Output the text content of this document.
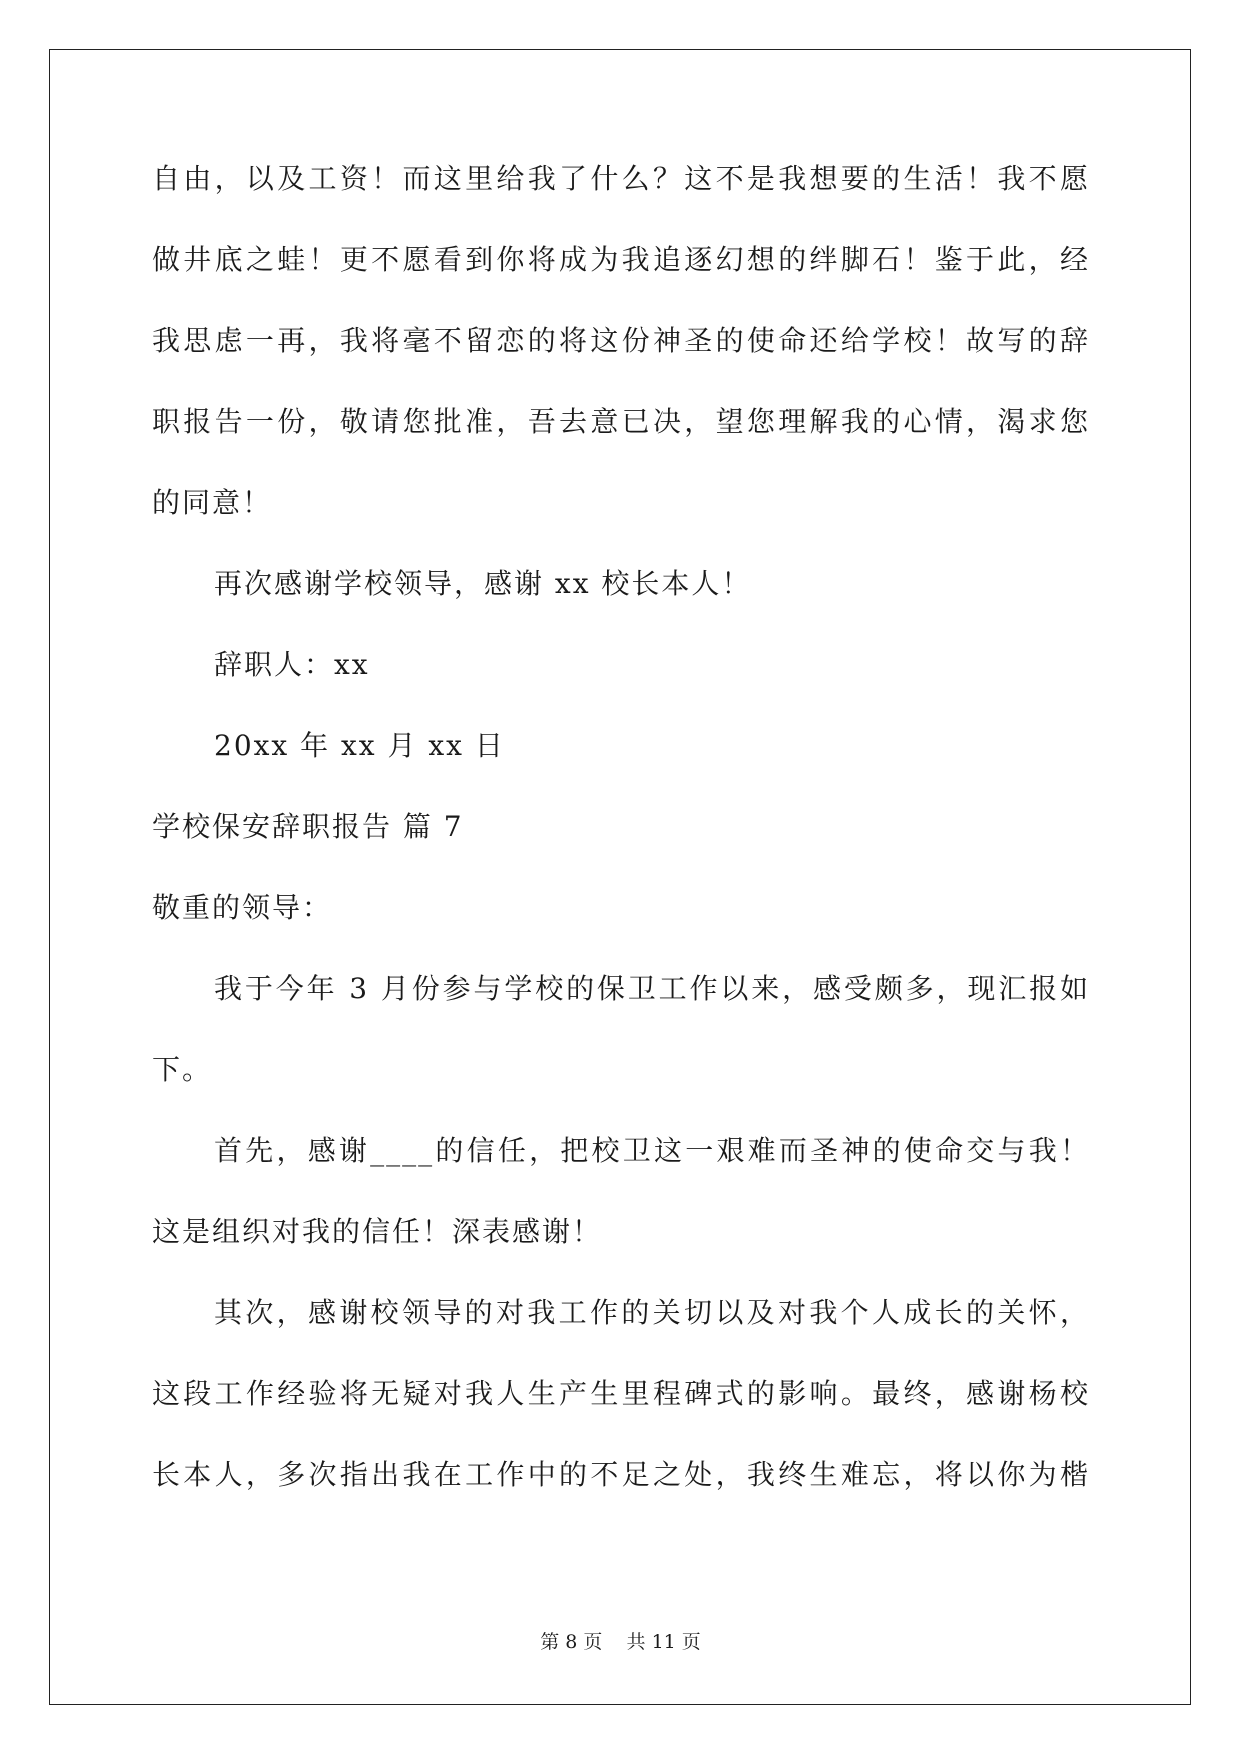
自由，以及工资！而这里给我了什么？这不是我想要的生活！我不愿
做井底之蛙！更不愿看到你将成为我追逐幻想的绊脚石！鉴于此，经
我思虑一再，我将毫不留恋的将这份神圣的使命还给学校！故写的辞
职报告一份，敬请您批准，吾去意已决，望您理解我的心情，渴求您
的同意！
再次感谢学校领导，感谢 xx 校长本人！
辞职人：xx
20xx 年 xx 月 xx 日
学校保安辞职报告 篇 7
敬重的领导：
我于今年 3 月份参与学校的保卫工作以来，感受颇多，现汇报如
下。
首先，感谢____的信任，把校卫这一艰难而圣神的使命交与我！
这是组织对我的信任！深表感谢！
其次，感谢校领导的对我工作的关切以及对我个人成长的关怀，
这段工作经验将无疑对我人生产生里程碑式的影响。最终，感谢杨校
长本人，多次指出我在工作中的不足之处，我终生难忘，将以你为楷
第 8 页    共 11 页
